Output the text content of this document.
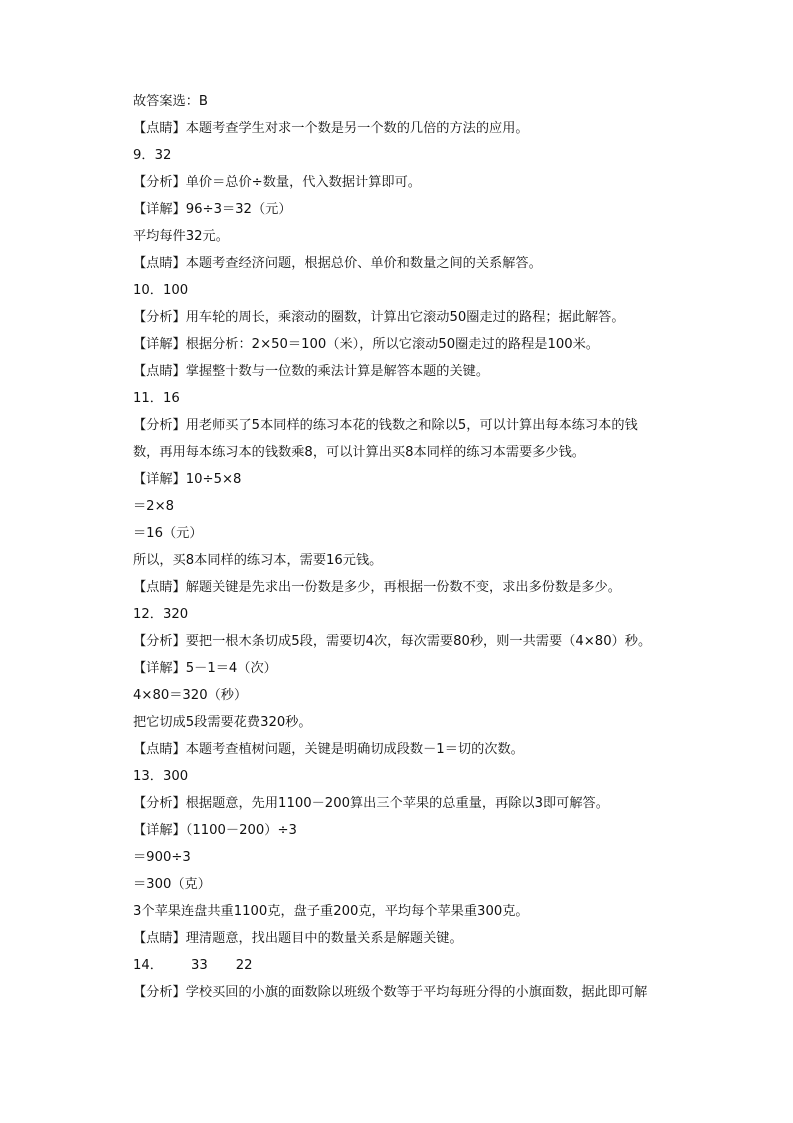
故答案选：B
【点睛】本题考查学生对求一个数是另一个数的几倍的方法的应用。
9．32
【分析】单价＝总价÷数量，代入数据计算即可。
【详解】96÷3＝32（元）
平均每件32元。
【点睛】本题考查经济问题，根据总价、单价和数量之间的关系解答。
10．100
【分析】用车轮的周长，乘滚动的圈数，计算出它滚动50圈走过的路程；据此解答。
【详解】根据分析：2×50＝100（米），所以它滚动50圈走过的路程是100米。
【点睛】掌握整十数与一位数的乘法计算是解答本题的关键。
11．16
【分析】用老师买了5本同样的练习本花的钱数之和除以5，可以计算出每本练习本的钱
数，再用每本练习本的钱数乘8，可以计算出买8本同样的练习本需要多少钱。
【详解】10÷5×8
＝2×8
＝16（元）
所以，买8本同样的练习本，需要16元钱。
【点睛】解题关键是先求出一份数是多少，再根据一份数不变，求出多份数是多少。
12．320
【分析】要把一根木条切成5段，需要切4次，每次需要80秒，则一共需要（4×80）秒。
【详解】5－1＝4（次）
4×80＝320（秒）
把它切成5段需要花费320秒。
【点睛】本题考查植树问题，关键是明确切成段数－1＝切的次数。
13．300
【分析】根据题意，先用1100－200算出三个苹果的总重量，再除以3即可解答。
【详解】（1100－200）÷3
＝900÷3
＝300（克）
3个苹果连盘共重1100克，盘子重200克，平均每个苹果重300克。
【点睛】理清题意，找出题目中的数量关系是解题关键。
14． 33 22
【分析】学校买回的小旗的面数除以班级个数等于平均每班分得的小旗面数，据此即可解
